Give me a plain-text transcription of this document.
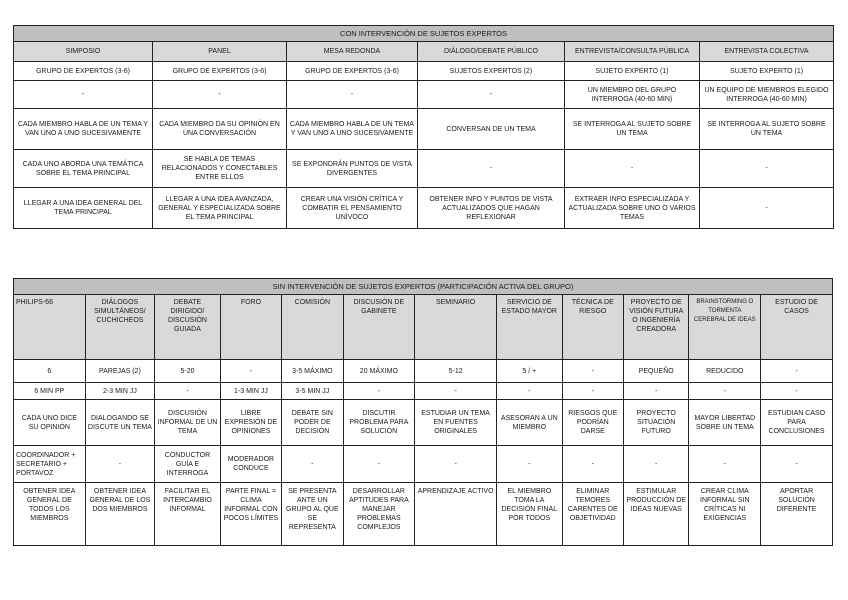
CON INTERVENCIÓN DE SUJETOS EXPERTOS					
SIMPOSIO	PANEL	MESA REDONDA	DIÁLOGO/DEBATE PÚBLICO	ENTREVISTA/CONSULTA PÚBLICA	ENTREVISTA COLECTIVA
GRUPO DE EXPERTOS (3-6)	GRUPO DE EXPERTOS (3-6)	GRUPO DE EXPERTOS (3-6)	SUJETOS EXPERTOS (2)	SUJETO EXPERTO (1)	SUJETO EXPERTO (1)
-	-	-	-	UN MIEMBRO DEL GRUPO INTERROGA (40-60 MIN)	UN EQUIPO DE MIEMBROS ELEGIDO INTERROGA (40-60 MIN)
CADA MIEMBRO HABLA DE UN TEMA Y VAN UNO A UNO SUCESIVAMENTE	CADA MIEMBRO DA SU OPINIÓN EN UNA CONVERSACIÓN	CADA MIEMBRO HABLA DE UN TEMA Y VAN UNO A UNO SUCESIVAMENTE	CONVERSAN DE UN TEMA	SE INTERROGA AL SUJETO SOBRE UN TEMA	SE INTERROGA AL SUJETO SOBRE UN TEMA
CADA UNO ABORDA UNA TEMÁTICA SOBRE EL TEMA PRINCIPAL	SE HABLA DE TEMAS RELACIONADOS Y CONECTABLES ENTRE ELLOS	SE EXPONDRÁN PUNTOS DE VISTA DIVERGENTES	-	-	-
LLEGAR A UNA IDEA GENERAL DEL TEMA PRINCIPAL	LLEGAR A UNA IDEA AVANZADA, GENERAL Y ESPECIALIZADA SOBRE EL TEMA PRINCIPAL	CREAR UNA VISIÓN CRÍTICA Y COMBATIR EL PENSAMIENTO UNÍVOCO	OBTENER INFO Y PUNTOS DE VISTA ACTUALIZADOS QUE HAGAN REFLEXIONAR	EXTRAER INFO ESPECIALIZADA Y ACTUALIZADA SOBRE UNO O VARIOS TEMAS	-
SIN INTERVENCIÓN DE SUJETOS EXPERTOS (PARTICIPACIÓN ACTIVA DEL GRUPO)											
PHILIPS-66	DIÁLOGOS SIMULTÁNEOS/ CUCHICHEOS	DEBATE DIRIGIDO/ DISCUSIÓN GUIADA	FORO	COMISIÓN	DISCUSIÓN DE GABINETE	SEMINARIO	SERVICIO DE ESTADO MAYOR	TÉCNICA DE RIESGO	PROYECTO DE VISIÓN FUTURA O INGENIERÍA CREADORA	BRAINSTORMING O TORMENTA CEREBRAL DE IDEAS	ESTUDIO DE CASOS
6	PAREJAS (2)	5-20	-	3-5 MÁXIMO	20 MÁXIMO	5-12	5 / +	-	PEQUEÑO	REDUCIDO	-
6 MIN PP	2-3 MIN JJ	-	1-3 MIN JJ	3-5 MIN JJ	-	-	-	-	-	-	-
CADA UNO DICE SU OPINIÓN	DIALOGANDO SE DISCUTE UN TEMA	DISCUSIÓN INFORMAL DE UN TEMA	LIBRE EXPRESIÓN DE OPINIONES	DEBATE SIN PODER DE DECISIÓN	DISCUTIR PROBLEMA PARA SOLUCIÓN	ESTUDIAR UN TEMA EN FUENTES ORIGINALES	ASESORAN A UN MIEMBRO	RIESGOS QUE PODRÍAN DARSE	PROYECTO SITUACIÓN FUTURO	MAYOR LIBERTAD SOBRE UN TEMA	ESTUDIAN CASO PARA CONCLUSIONES
COORDINADOR + SECRETARIO + PORTAVOZ	-	CONDUCTOR GUÍA E INTERROGA	MODERADOR CONDUCE	-	-	-	-	-	-	-	-
OBTENER IDEA GENERAL DE TODOS LOS MIEMBROS	OBTENER IDEA GENERAL DE LOS DOS MIEMBROS	FACILITAR EL INTERCAMBIO INFORMAL	PARTE FINAL = CLIMA INFORMAL CON POCOS LÍMITES	SE PRESENTA ANTE UN GRUPO AL QUE SE REPRESENTA	DESARROLLAR APTITUDES PARA MANEJAR PROBLEMAS COMPLEJOS	APRENDIZAJE ACTIVO	EL MIEMBRO TOMA LA DECISIÓN FINAL POR TODOS	ELIMINAR TEMORES CARENTES DE OBJETIVIDAD	ESTIMULAR PRODUCCIÓN DE IDEAS NUEVAS	CREAR CLIMA INFORMAL SIN CRÍTICAS NI EXIGENCIAS	APORTAR SOLUCIÓN DIFERENTE
